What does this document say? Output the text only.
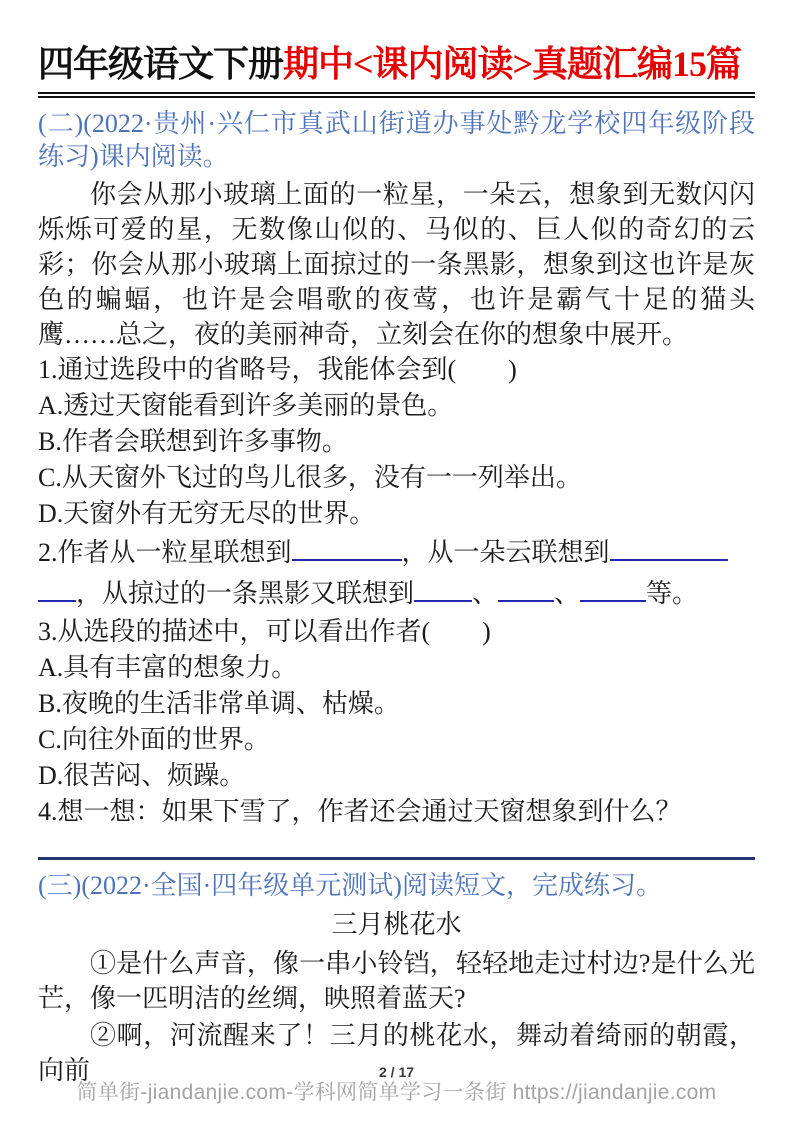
四年级语文下册期中<课内阅读>真题汇编15篇
(二)(2022·贵州·兴仁市真武山街道办事处黔龙学校四年级阶段练习)课内阅读。

你会从那小玻璃上面的一粒星，一朵云，想象到无数闪闪烁烁可爱的星，无数像山似的、马似的、巨人似的奇幻的云彩；你会从那小玻璃上面掠过的一条黑影，想象到这也许是灰色的蝙蝠，也许是会唱歌的夜莺，也许是霸气十足的猫头鹰……总之，夜的美丽神奇，立刻会在你的想象中展开。

1.通过选段中的省略号，我能体会到(　　)
A.透过天窗能看到许多美丽的景色。
B.作者会联想到许多事物。
C.从天窗外飞过的鸟儿很多，没有一一列举出。
D.天窗外有无穷无尽的世界。
2.作者从一粒星联想到	，从一朵云联想到
，从掠过的一条黑影又联想到 、 、	等。
3.从选段的描述中，可以看出作者(　　)
A.具有丰富的想象力。
B.夜晚的生活非常单调、枯燥。
C.向往外面的世界。
D.很苦闷、烦躁。
4.想一想：如果下雪了，作者还会通过天窗想象到什么？
(三)(2022·全国·四年级单元测试)阅读短文，完成练习。
三月桃花水

①是什么声音，像一串小铃铛，轻轻地走过村边?是什么光芒，像一匹明洁的丝绸，映照着蓝天?

②啊，河流醒来了！三月的桃花水，舞动着绮丽的朝霞，向前	2 / 17
简单街-jiandanjie.com-学科网简单学习一条街 https://jiandanjie.com
